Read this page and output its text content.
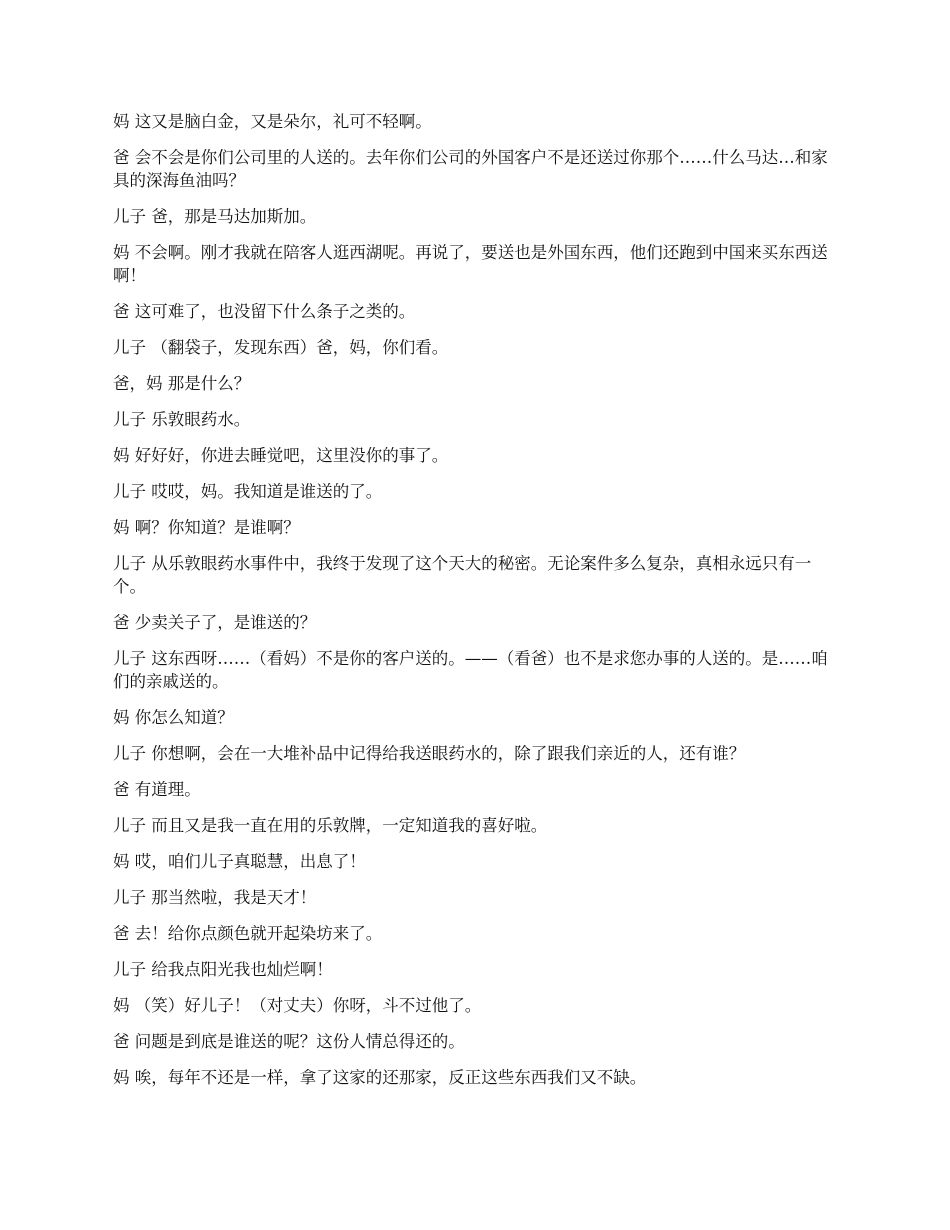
妈 这又是脑白金，又是朵尔，礼可不轻啊。

爸 会不会是你们公司里的人送的。去年你们公司的外国客户不是还送过你那个……什么马达…和家具的深海鱼油吗？

儿子 爸，那是马达加斯加。

妈 不会啊。刚才我就在陪客人逛西湖呢。再说了，要送也是外国东西，他们还跑到中国来买东西送啊！

爸 这可难了，也没留下什么条子之类的。

儿子 （翻袋子，发现东西）爸，妈，你们看。

爸，妈 那是什么？

儿子 乐敦眼药水。

妈 好好好，你进去睡觉吧，这里没你的事了。

儿子 哎哎，妈。我知道是谁送的了。

妈 啊？你知道？是谁啊？

儿子 从乐敦眼药水事件中，我终于发现了这个天大的秘密。无论案件多么复杂，真相永远只有一个。

爸 少卖关子了，是谁送的？

儿子 这东西呀……（看妈）不是你的客户送的。——（看爸）也不是求您办事的人送的。是……咱们的亲戚送的。

妈 你怎么知道？

儿子 你想啊，会在一大堆补品中记得给我送眼药水的，除了跟我们亲近的人，还有谁？

爸 有道理。

儿子 而且又是我一直在用的乐敦牌，一定知道我的喜好啦。

妈 哎，咱们儿子真聪慧，出息了！

儿子 那当然啦，我是天才！

爸 去！给你点颜色就开起染坊来了。

儿子 给我点阳光我也灿烂啊！

妈 （笑）好儿子！（对丈夫）你呀，斗不过他了。

爸 问题是到底是谁送的呢？这份人情总得还的。

妈 唉，每年不还是一样，拿了这家的还那家，反正这些东西我们又不缺。
